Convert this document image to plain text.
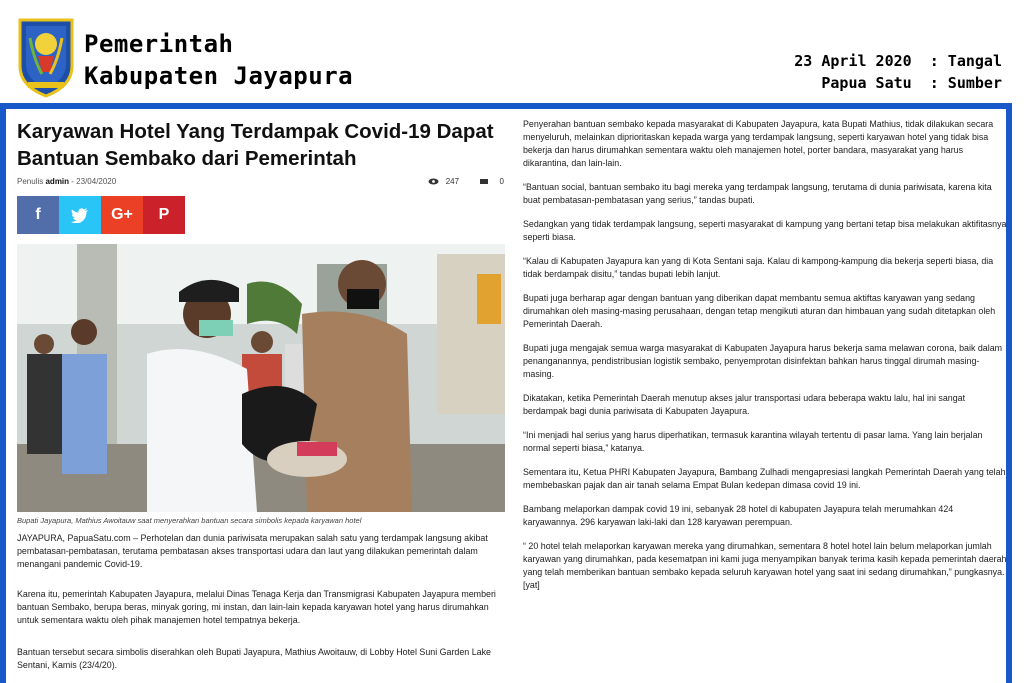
Pemerintah
Kabupaten Jayapura
23 April 2020 : Tangal
Papua Satu : Sumber
Karyawan Hotel Yang Terdampak Covid-19 Dapat Bantuan Sembako dari Pemerintah
Penulis admin - 23/04/2020	247	0
f	G+ P
Bupati Jayapura, Mathius Awoitauw saat menyerahkan bantuan secara simbolis kepada karyawan hotel

JAYAPURA, PapuaSatu.com – Perhotelan dan dunia pariwisata merupakan salah satu yang terdampak langsung akibat pembatasan-pembatasan, terutama pembatasan akses transportasi udara dan laut yang dilakukan pemerintah dalam menangani pandemic Covid-19.

Karena itu, pemerintah Kabupaten Jayapura, melalui Dinas Tenaga Kerja dan Transmigrasi Kabupaten Jayapura memberi bantuan Sembako, berupa beras, minyak goring, mi instan, dan lain-lain kepada karyawan hotel yang harus dirumahkan untuk sementara waktu oleh pihak manajemen hotel tempatnya bekerja.

Bantuan tersebut secara simbolis diserahkan oleh Bupati Jayapura, Mathius Awoitauw, di Lobby Hotel Suni Garden Lake Sentani, Kamis (23/4/20).

Penyerahan bantuan sembako kepada masyarakat di Kabupaten Jayapura, kata Bupati Mathius, tidak dilakukan secara menyeluruh, melainkan diprioritaskan kepada warga yang terdampak langsung, seperti karyawan hotel yang tidak bisa bekerja dan harus dirumahkan sementara waktu oleh manajemen hotel, porter bandara, masyarakat yang harus dikarantina, dan lain-lain.

“Bantuan social, bantuan sembako itu bagi mereka yang terdampak langsung, terutama di dunia pariwisata, karena kita buat pembatasan-pembatasan yang serius,” tandas bupati.

Sedangkan yang tidak terdampak langsung, seperti masyarakat di kampung yang bertani tetap bisa melakukan aktifitasnya seperti biasa.

“Kalau di Kabupaten Jayapura kan yang di Kota Sentani saja. Kalau di kampong-kampung dia bekerja seperti biasa, dia tidak berdampak disitu,” tandas bupati lebih lanjut.

Bupati juga berharap agar dengan bantuan yang diberikan dapat membantu semua aktiftas karyawan yang sedang dirumahkan oleh masing-masing perusahaan, dengan tetap mengikuti aturan dan himbauan yang sudah ditetapkan oleh Pemerintah Daerah.

Bupati juga mengajak semua warga masyarakat di Kabupaten Jayapura harus bekerja sama melawan corona, baik dalam penanganannya, pendistribusian logistik sembako, penyemprotan disinfektan bahkan harus tinggal dirumah masing-masing.

Dikatakan, ketika Pemerintah Daerah menutup akses jalur transportasi udara beberapa waktu lalu, hal ini sangat berdampak bagi dunia pariwisata di Kabupaten Jayapura.

“Ini menjadi hal serius yang harus diperhatikan, termasuk karantina wilayah tertentu di pasar lama. Yang lain berjalan normal seperti biasa,” katanya.

Sementara itu, Ketua PHRI Kabupaten Jayapura, Bambang Zulhadi mengapresiasi langkah Pemerintah Daerah yang telah membebaskan pajak dan air tanah selama Empat Bulan kedepan dimasa covid 19 ini.

Bambang melaporkan dampak covid 19 ini, sebanyak 28 hotel di kabupaten Jayapura telah merumahkan 424 karyawannya. 296 karyawan laki-laki dan 128 karyawan perempuan.

“ 20 hotel telah melaporkan karyawan mereka yang dirumahkan, sementara 8 hotel hotel lain belum melaporkan jumlah karyawan yang dirumahkan, pada kesematpan ini kami juga menyampikan banyak terima kasih kepada pemerintah daerah yang telah memberikan bantuan sembako kepada seluruh karyawan hotel yang saat ini sedang dirumahkan,” pungkasnya.[yat]
